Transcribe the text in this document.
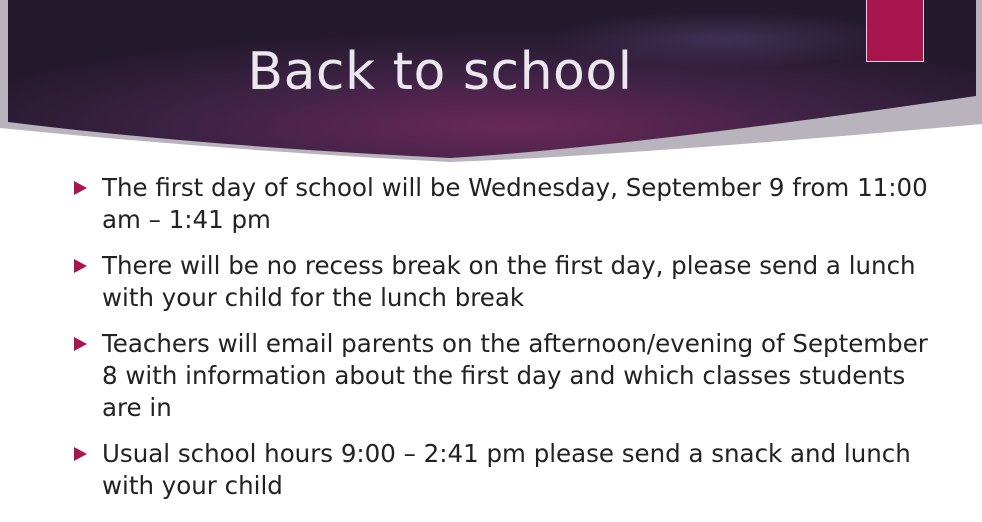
Back to school
The first day of school will be Wednesday, September 9 from 11:00 am – 1:41 pm
There will be no recess break on the first day, please send a lunch with your child for the lunch break
Teachers will email parents on the afternoon/evening of September 8 with information about the first day and which classes students are in
Usual school hours 9:00 – 2:41 pm please send a snack and lunch with your child
